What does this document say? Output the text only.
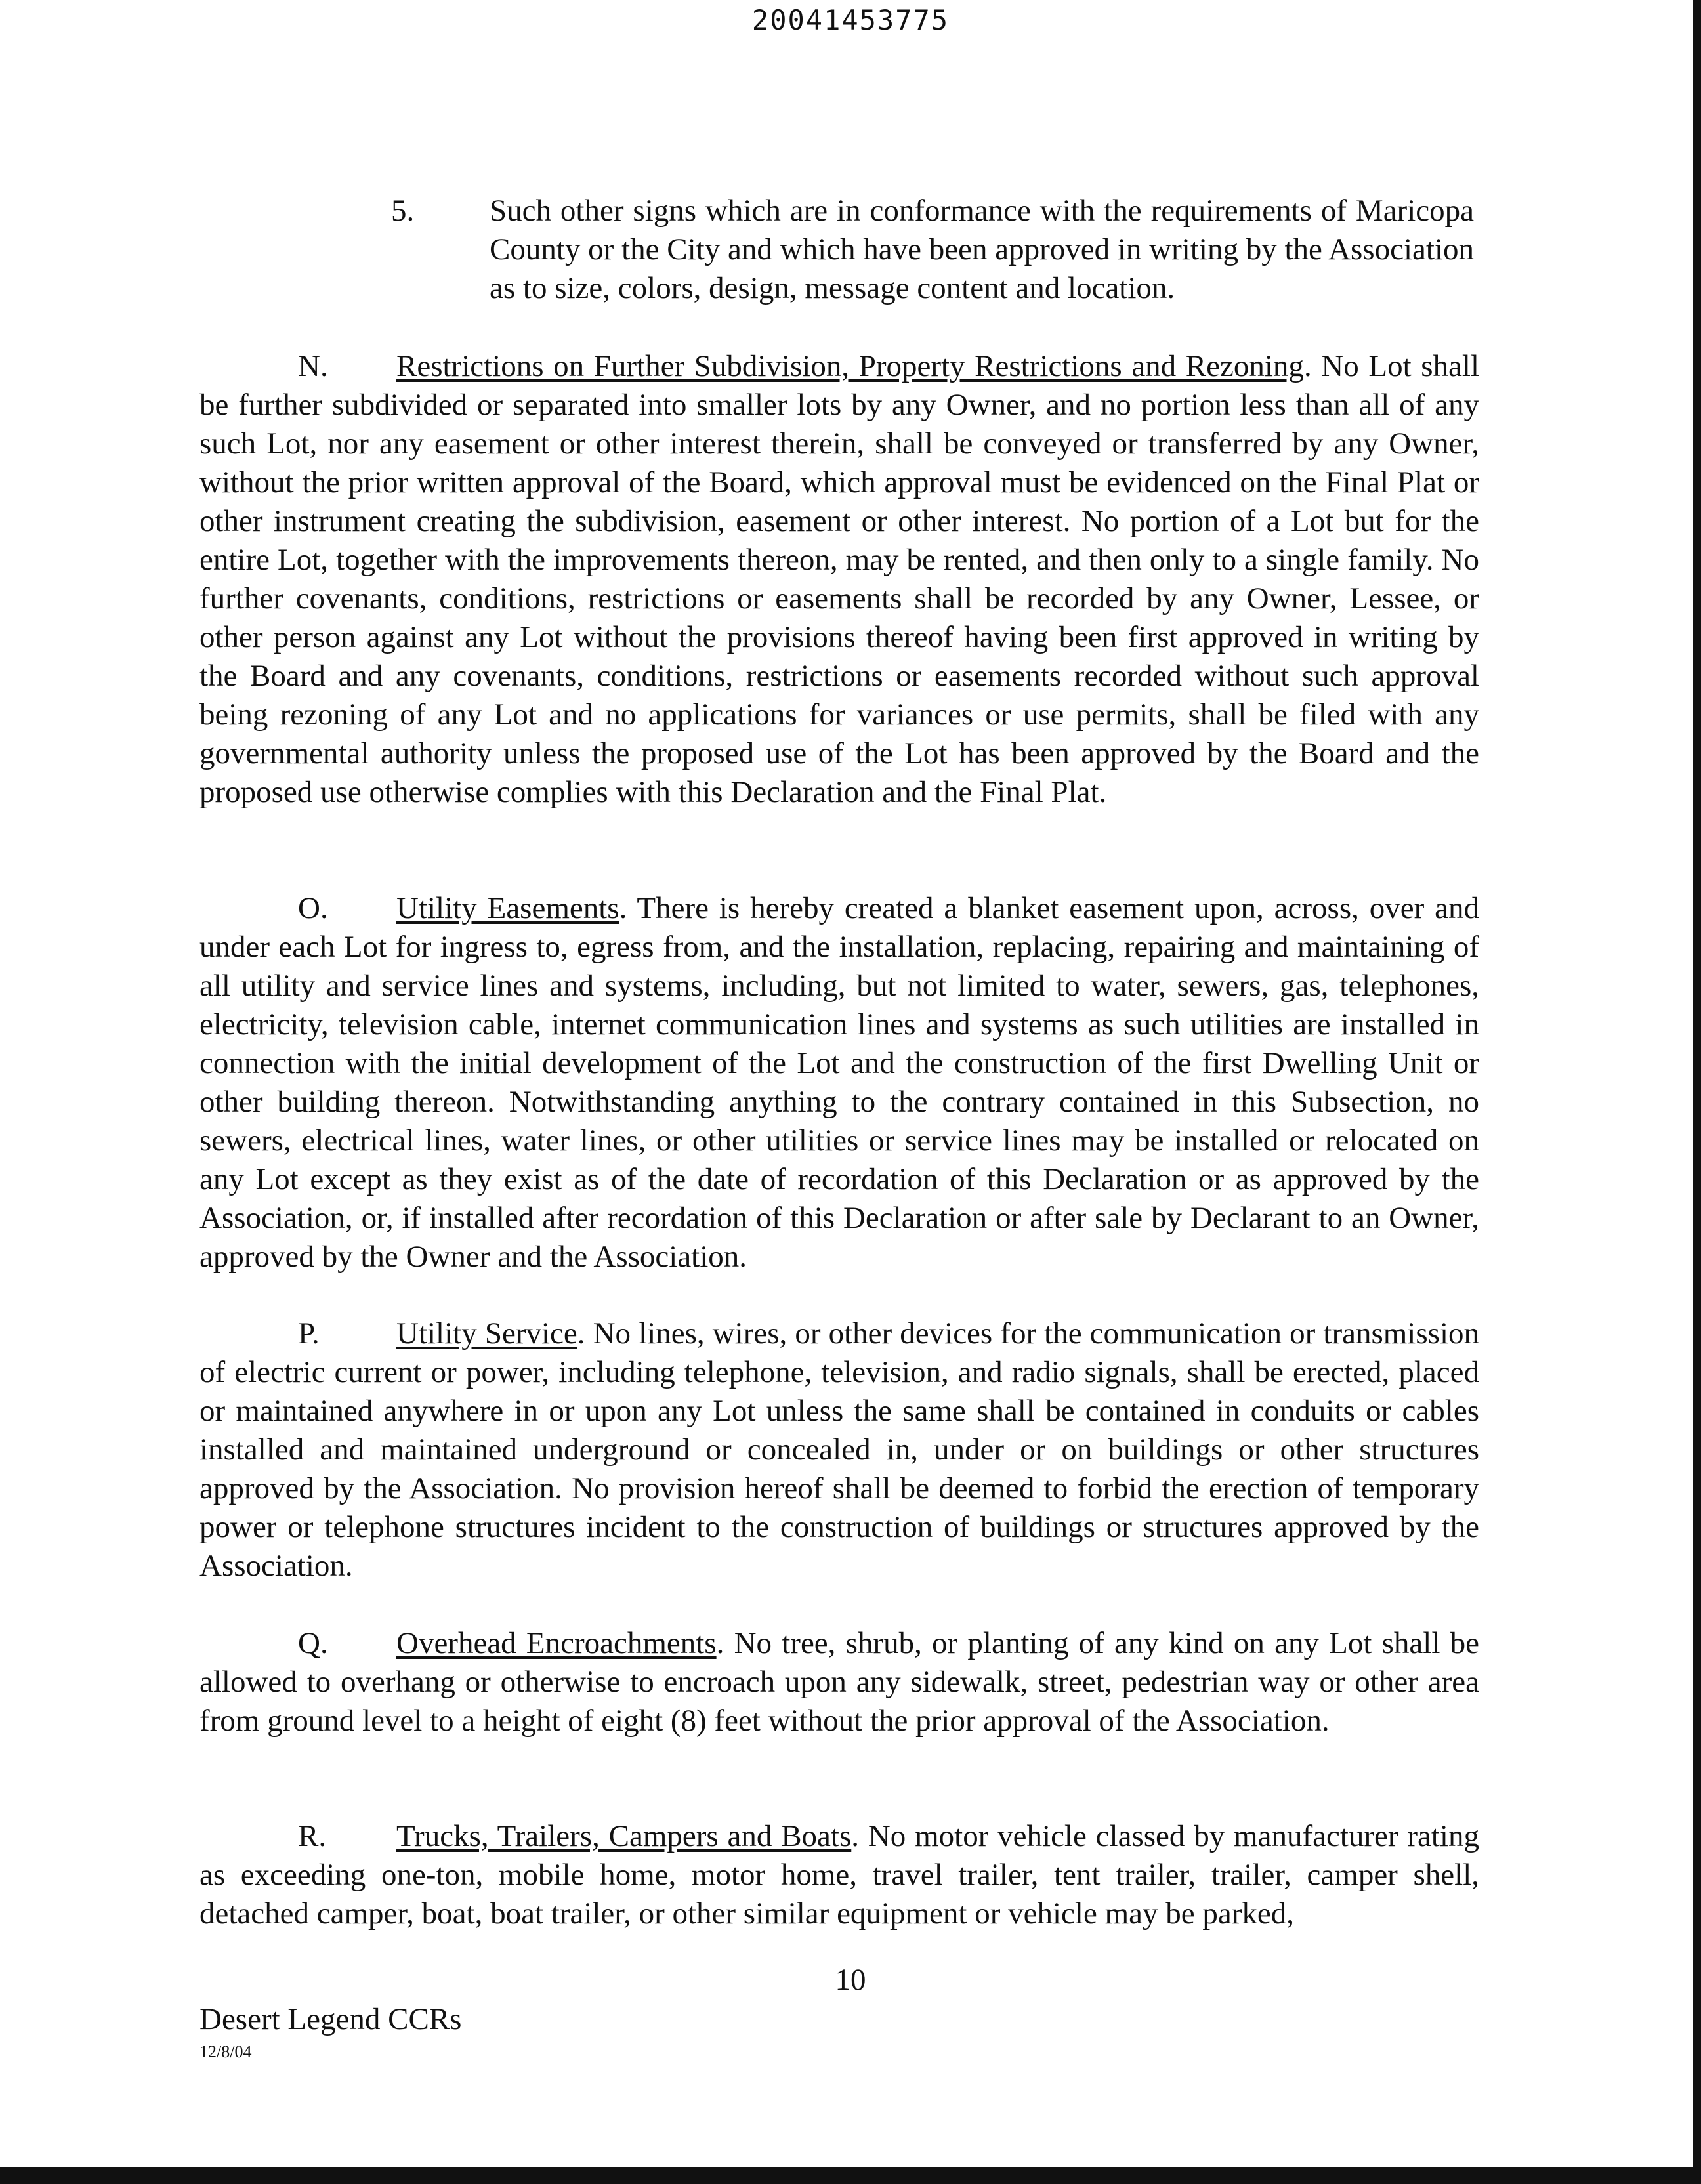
20041453775
5. Such other signs which are in conformance with the requirements of Maricopa County or the City and which have been approved in writing by the Association as to size, colors, design, message content and location.

N. Restrictions on Further Subdivision, Property Restrictions and Rezoning. No Lot shall be further subdivided or separated into smaller lots by any Owner, and no portion less than all of any such Lot, nor any easement or other interest therein, shall be conveyed or transferred by any Owner, without the prior written approval of the Board, which approval must be evidenced on the Final Plat or other instrument creating the subdivision, easement or other interest. No portion of a Lot but for the entire Lot, together with the improvements thereon, may be rented, and then only to a single family. No further covenants, conditions, restrictions or easements shall be recorded by any Owner, Lessee, or other person against any Lot without the provisions thereof having been first approved in writing by the Board and any covenants, conditions, restrictions or easements recorded without such approval being rezoning of any Lot and no applications for variances or use permits, shall be filed with any governmental authority unless the proposed use of the Lot has been approved by the Board and the proposed use otherwise complies with this Declaration and the Final Plat.

O. Utility Easements. There is hereby created a blanket easement upon, across, over and under each Lot for ingress to, egress from, and the installation, replacing, repairing and maintaining of all utility and service lines and systems, including, but not limited to water, sewers, gas, telephones, electricity, television cable, internet communication lines and systems as such utilities are installed in connection with the initial development of the Lot and the construction of the first Dwelling Unit or other building thereon. Notwithstanding anything to the contrary contained in this Subsection, no sewers, electrical lines, water lines, or other utilities or service lines may be installed or relocated on any Lot except as they exist as of the date of recordation of this Declaration or as approved by the Association, or, if installed after recordation of this Declaration or after sale by Declarant to an Owner, approved by the Owner and the Association.

P. Utility Service. No lines, wires, or other devices for the communication or transmission of electric current or power, including telephone, television, and radio signals, shall be erected, placed or maintained anywhere in or upon any Lot unless the same shall be contained in conduits or cables installed and maintained underground or concealed in, under or on buildings or other structures approved by the Association. No provision hereof shall be deemed to forbid the erection of temporary power or telephone structures incident to the construction of buildings or structures approved by the Association.

Q. Overhead Encroachments. No tree, shrub, or planting of any kind on any Lot shall be allowed to overhang or otherwise to encroach upon any sidewalk, street, pedestrian way or other area from ground level to a height of eight (8) feet without the prior approval of the Association.

R. Trucks, Trailers, Campers and Boats. No motor vehicle classed by manufacturer rating as exceeding one-ton, mobile home, motor home, travel trailer, tent trailer, trailer, camper shell, detached camper, boat, boat trailer, or other similar equipment or vehicle may be parked,

10
Desert Legend CCRs
12/8/04
